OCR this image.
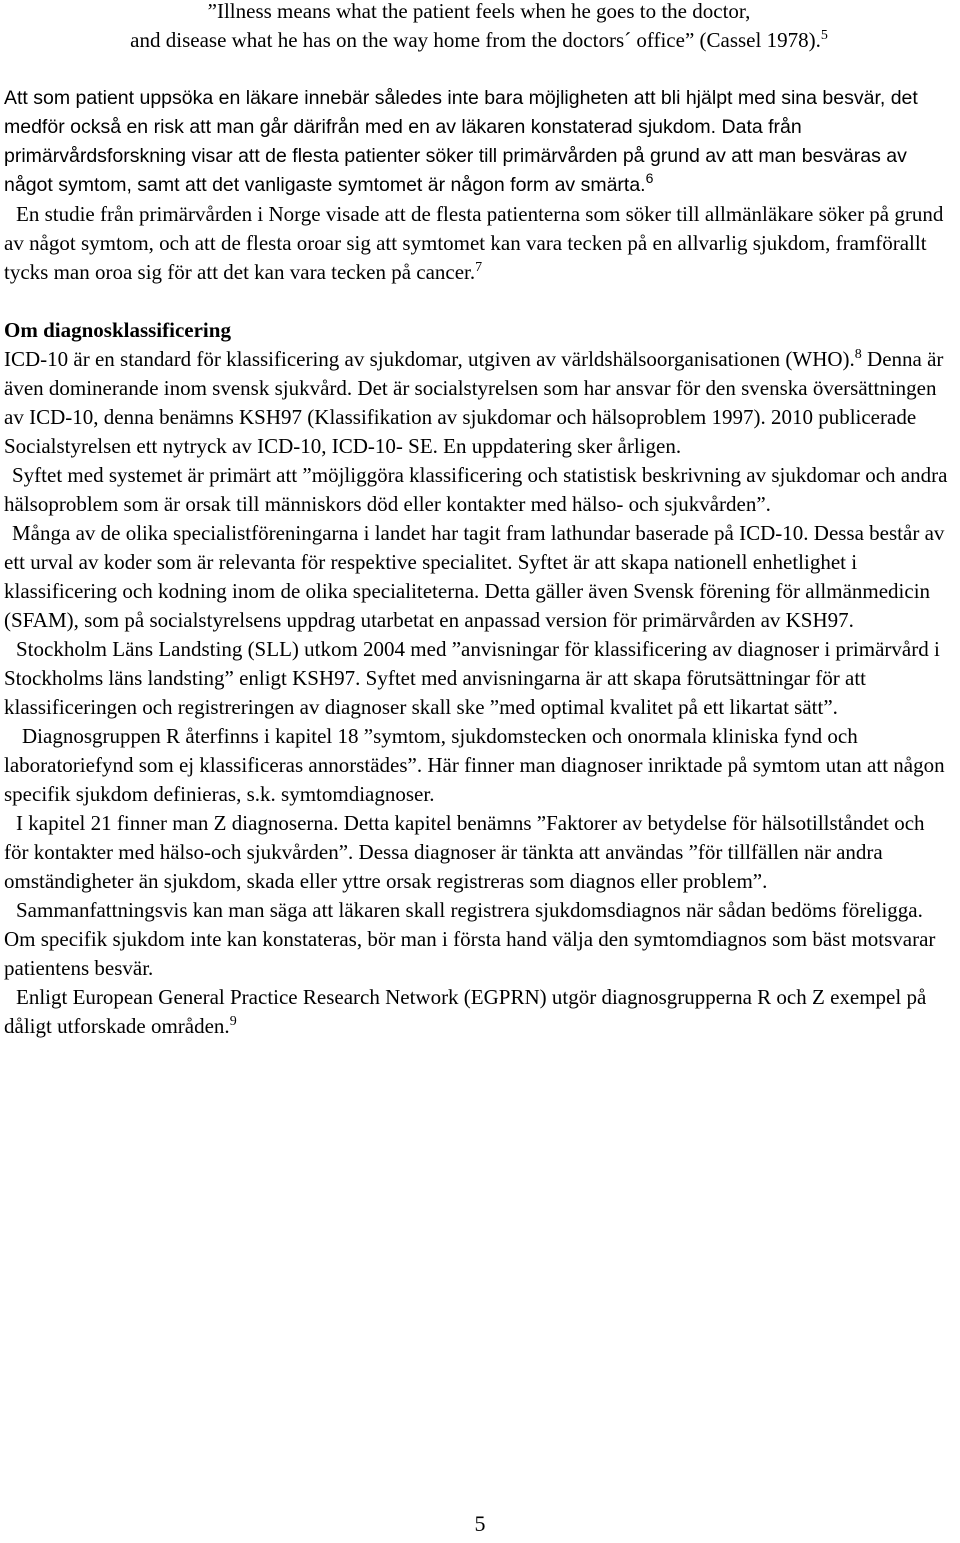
”Illness means what the patient feels when he goes to the doctor,
and disease what he has on the way home from the doctors´ office” (Cassel 1978).$^5$

Att som patient uppsöka en läkare innebär således inte bara möjligheten att bli hjälpt med sina besvär, det medför också en risk att man går därifrån med en av läkaren konstaterad sjukdom. Data från primärvårdsforskning visar att de flesta patienter söker till primärvården på grund av att man besväras av något symtom, samt att det vanligaste symtomet är någon form av smärta.$^6$

En studie från primärvården i Norge visade att de flesta patienterna som söker till allmänläkare söker på grund av något symtom, och att de flesta oroar sig att symtomet kan vara tecken på en allvarlig sjukdom, framförallt tycks man oroa sig för att det kan vara tecken på cancer.$^7$

Om diagnosklassificering

ICD-10 är en standard för klassificering av sjukdomar, utgiven av världshälsoorganisationen (WHO).$^8$ Denna är även dominerande inom svensk sjukvård. Det är socialstyrelsen som har ansvar för den svenska översättningen av ICD-10, denna benämns KSH97 (Klassifikation av sjukdomar och hälsoproblem 1997). 2010 publicerade Socialstyrelsen ett nytryck av ICD-10, ICD-10- SE. En uppdatering sker årligen.

Syftet med systemet är primärt att ”möjliggöra klassificering och statistisk beskrivning av sjukdomar och andra hälsoproblem som är orsak till människors död eller kontakter med hälso- och sjukvården”.

Många av de olika specialistföreningarna i landet har tagit fram lathundar baserade på ICD-10. Dessa består av ett urval av koder som är relevanta för respektive specialitet. Syftet är att skapa nationell enhetlighet i klassificering och kodning inom de olika specialiteterna. Detta gäller även Svensk förening för allmänmedicin (SFAM), som på socialstyrelsens uppdrag utarbetat en anpassad version för primärvården av KSH97.

Stockholm Läns Landsting (SLL) utkom 2004 med ”anvisningar för klassificering av diagnoser i primärvård i Stockholms läns landsting” enligt KSH97. Syftet med anvisningarna är att skapa förutsättningar för att klassificeringen och registreringen av diagnoser skall ske ”med optimal kvalitet på ett likartat sätt”.

Diagnosgruppen R återfinns i kapitel 18 ”symtom, sjukdomstecken och onormala kliniska fynd och laboratoriefynd som ej klassificeras annorstädes”. Här finner man diagnoser inriktade på symtom utan att någon specifik sjukdom definieras, s.k. symtomdiagnoser.

I kapitel 21 finner man Z diagnoserna. Detta kapitel benämns ”Faktorer av betydelse för hälsotillståndet och för kontakter med hälso-och sjukvården”. Dessa diagnoser är tänkta att användas ”för tillfällen när andra omständigheter än sjukdom, skada eller yttre orsak registreras som diagnos eller problem”.

Sammanfattningsvis kan man säga att läkaren skall registrera sjukdomsdiagnos när sådan bedöms föreligga. Om specifik sjukdom inte kan konstateras, bör man i första hand välja den symtomdiagnos som bäst motsvarar patientens besvär.

Enligt European General Practice Research Network (EGPRN) utgör diagnosgrupperna R och Z exempel på dåligt utforskade områden.$^9$

5
